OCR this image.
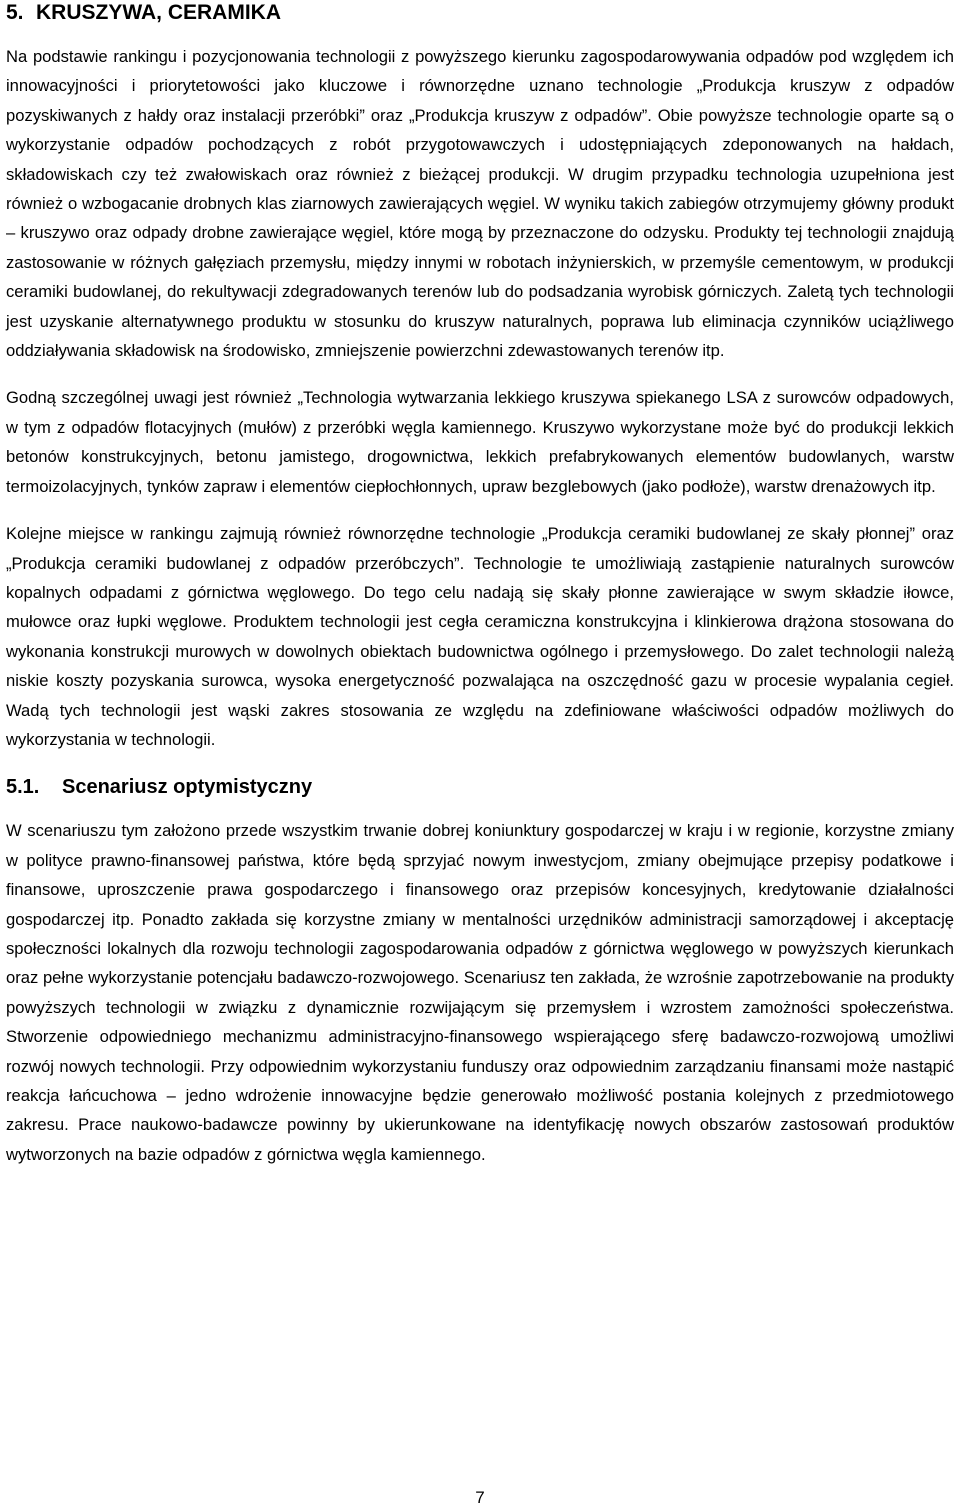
5. KRUSZYWA, CERAMIKA

Na podstawie rankingu i pozycjonowania technologii z powyższego kierunku zagospodarowywania odpadów pod względem ich innowacyjności i priorytetowości jako kluczowe i równorzędne uznano technologie „Produkcja kruszyw z odpadów pozyskiwanych z hałdy oraz instalacji przeróbki” oraz „Produkcja kruszyw z odpadów”. Obie powyższe technologie oparte są o wykorzystanie odpadów pochodzących z robót przygotowawczych i udostępniających zdeponowanych na hałdach, składowiskach czy też zwałowiskach oraz również z bieżącej produkcji. W drugim przypadku technologia uzupełniona jest również o wzbogacanie drobnych klas ziarnowych zawierających węgiel. W wyniku takich zabiegów otrzymujemy główny produkt – kruszywo oraz odpady drobne zawierające węgiel, które mogą by przeznaczone do odzysku. Produkty tej technologii znajdują zastosowanie w różnych gałęziach przemysłu, między innymi w robotach inżynierskich, w przemyśle cementowym, w produkcji ceramiki budowlanej, do rekultywacji zdegradowanych terenów lub do podsadzania wyrobisk górniczych. Zaletą tych technologii jest uzyskanie alternatywnego produktu w stosunku do kruszyw naturalnych, poprawa lub eliminacja czynników uciążliwego oddziaływania składowisk na środowisko, zmniejszenie powierzchni zdewastowanych terenów itp.

Godną szczególnej uwagi jest również „Technologia wytwarzania lekkiego kruszywa spiekanego LSA z surowców odpadowych, w tym z odpadów flotacyjnych (mułów) z przeróbki węgla kamiennego. Kruszywo wykorzystane może być do produkcji lekkich betonów konstrukcyjnych, betonu jamistego, drogownictwa, lekkich prefabrykowanych elementów budowlanych, warstw termoizolacyjnych, tynków zapraw i elementów ciepłochłonnych, upraw bezglebowych (jako podłoże), warstw drenażowych itp.

Kolejne miejsce w rankingu zajmują również równorzędne technologie „Produkcja ceramiki budowlanej ze skały płonnej” oraz „Produkcja ceramiki budowlanej z odpadów przeróbczych”. Technologie te umożliwiają zastąpienie naturalnych surowców kopalnych odpadami z górnictwa węglowego. Do tego celu nadają się skały płonne zawierające w swym składzie iłowce, mułowce oraz łupki węglowe. Produktem technologii jest cegła ceramiczna konstrukcyjna i klinkierowa drążona stosowana do wykonania konstrukcji murowych w dowolnych obiektach budownictwa ogólnego i przemysłowego. Do zalet technologii należą niskie koszty pozyskania surowca, wysoka energetyczność pozwalająca na oszczędność gazu w procesie wypalania cegieł. Wadą tych technologii jest wąski zakres stosowania ze względu na zdefiniowane właściwości odpadów możliwych do wykorzystania w technologii.

5.1. Scenariusz optymistyczny

W scenariuszu tym założono przede wszystkim trwanie dobrej koniunktury gospodarczej w kraju i w regionie, korzystne zmiany w polityce prawno-finansowej państwa, które będą sprzyjać nowym inwestycjom, zmiany obejmujące przepisy podatkowe i finansowe, uproszczenie prawa gospodarczego i finansowego oraz przepisów koncesyjnych, kredytowanie działalności gospodarczej itp. Ponadto zakłada się korzystne zmiany w mentalności urzędników administracji samorządowej i akceptację społeczności lokalnych dla rozwoju technologii zagospodarowania odpadów z górnictwa węglowego w powyższych kierunkach oraz pełne wykorzystanie potencjału badawczo-rozwojowego. Scenariusz ten zakłada, że wzrośnie zapotrzebowanie na produkty powyższych technologii w związku z dynamicznie rozwijającym się przemysłem i wzrostem zamożności społeczeństwa. Stworzenie odpowiedniego mechanizmu administracyjno-finansowego wspierającego sferę badawczo-rozwojową umożliwi rozwój nowych technologii. Przy odpowiednim wykorzystaniu funduszy oraz odpowiednim zarządzaniu finansami może nastąpić reakcja łańcuchowa – jedno wdrożenie innowacyjne będzie generowało możliwość postania kolejnych z przedmiotowego zakresu. Prace naukowo-badawcze powinny by ukierunkowane na identyfikację nowych obszarów zastosowań produktów wytworzonych na bazie odpadów z górnictwa węgla kamiennego.

7
